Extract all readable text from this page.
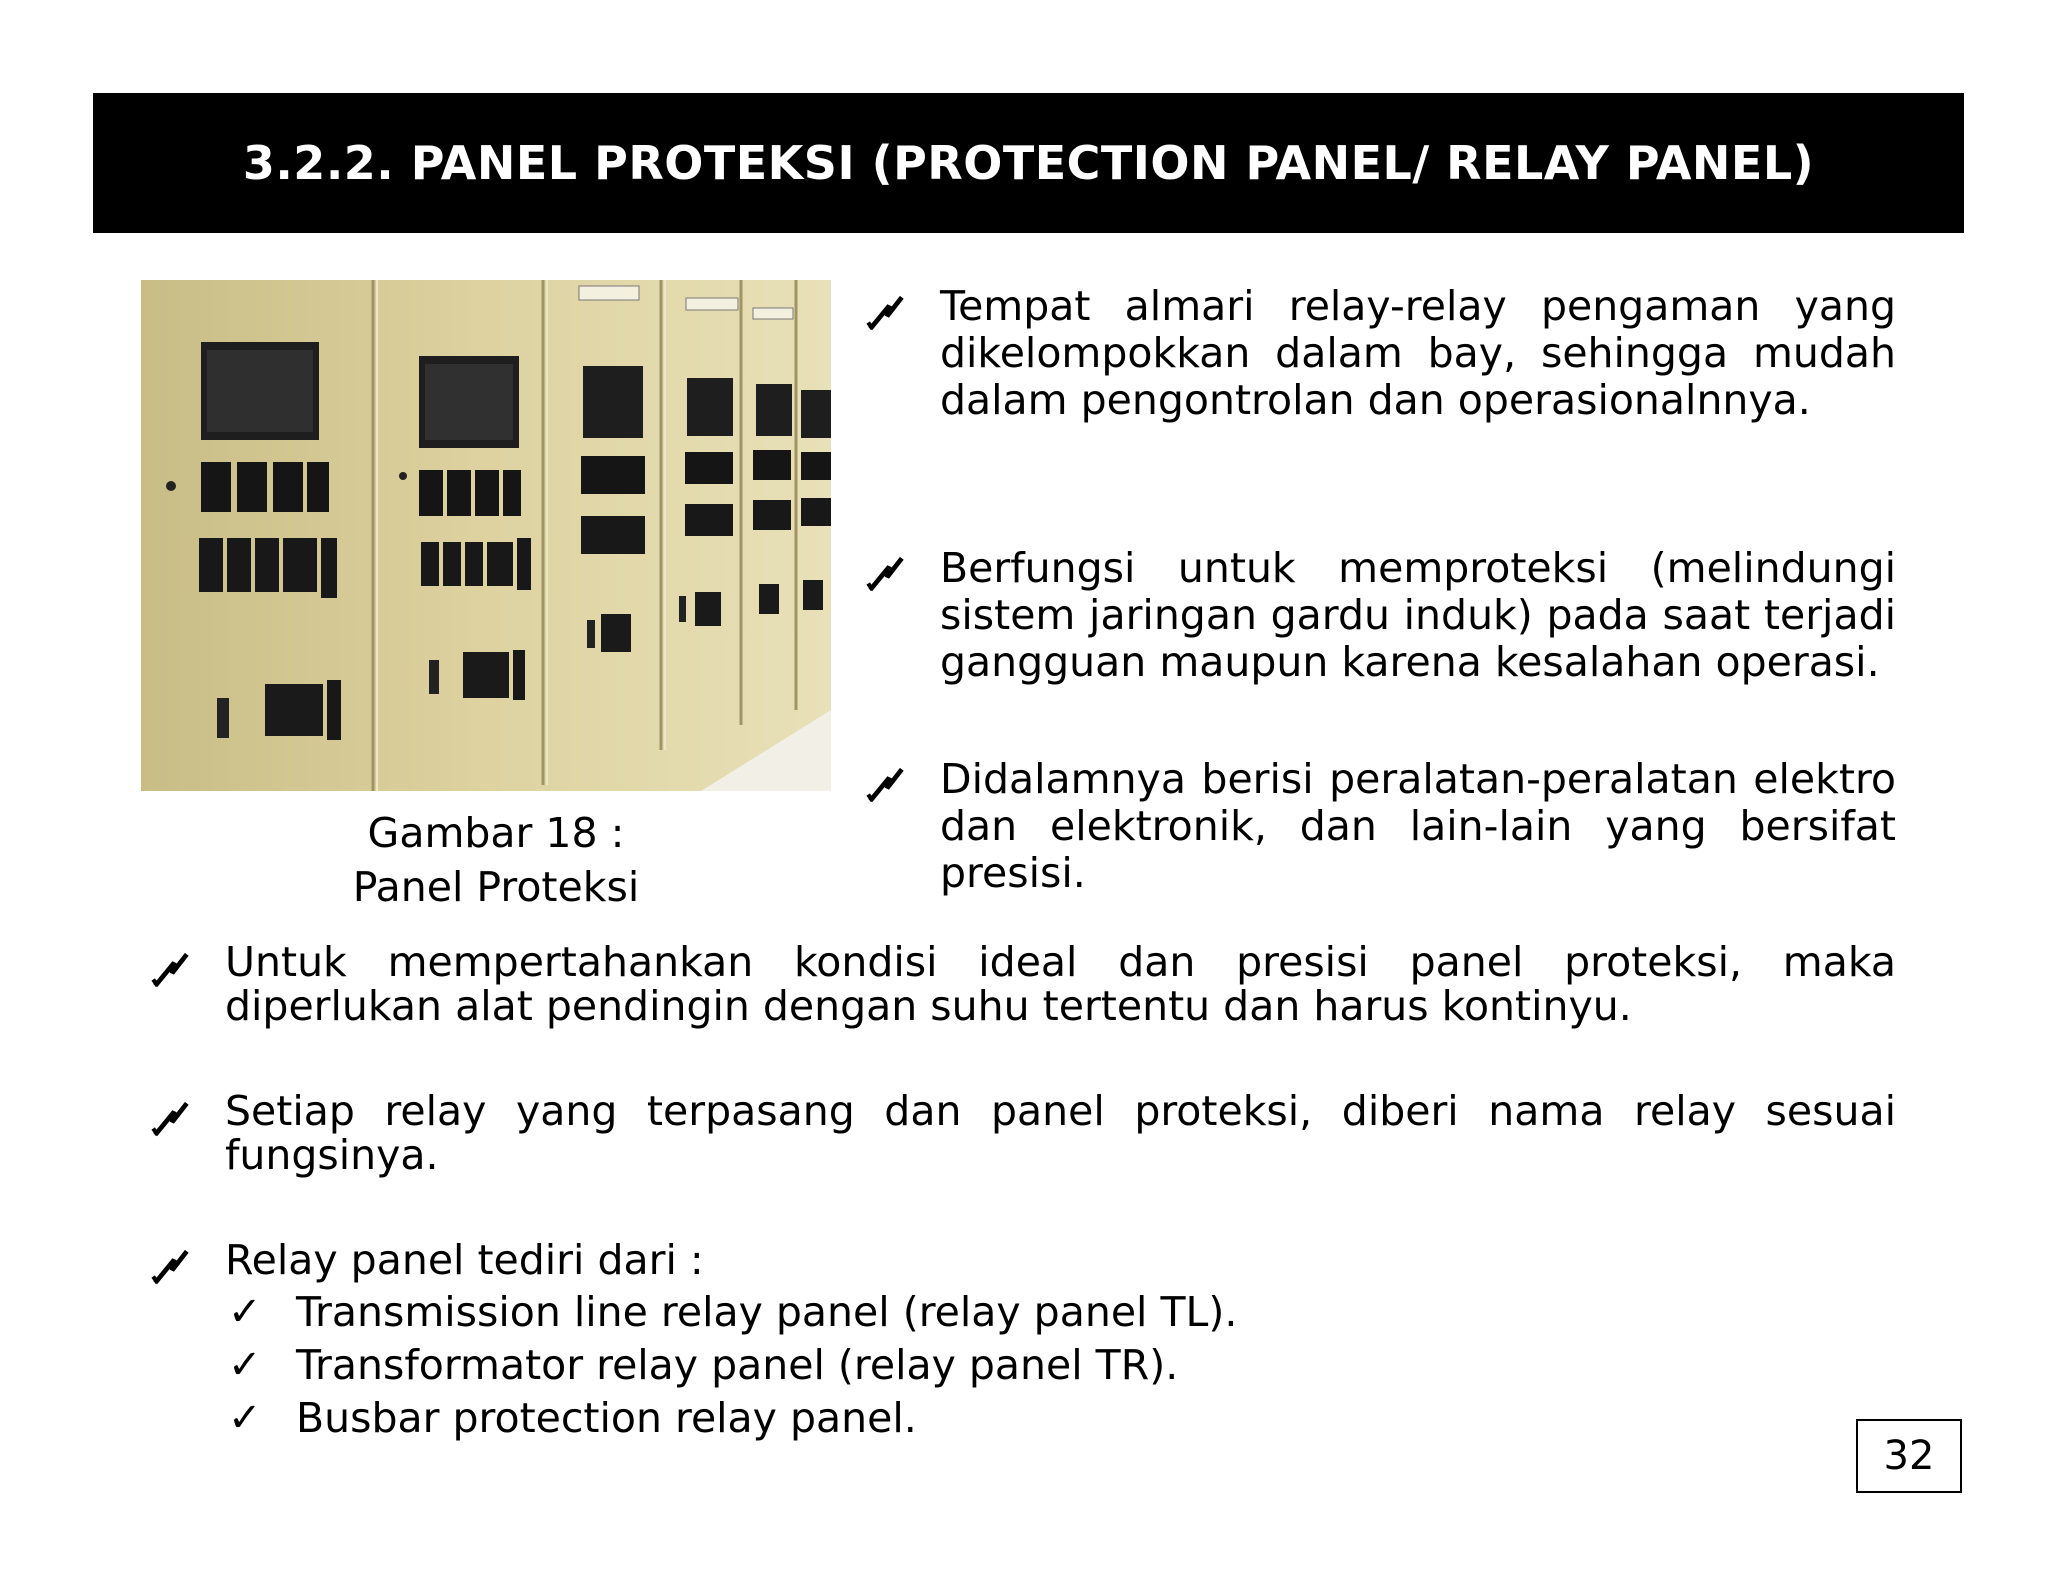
3.2.2. PANEL PROTEKSI (PROTECTION PANEL/ RELAY PANEL)
Gambar 18 :
Panel Proteksi
Tempat almari relay-relay pengaman yang dikelompokkan dalam bay, sehingga mudah dalam pengontrolan dan operasionalnnya.
Berfungsi untuk memproteksi (melindungi sistem jaringan gardu induk) pada saat terjadi gangguan maupun karena kesalahan operasi.
Didalamnya berisi peralatan-peralatan elektro dan elektronik, dan lain-lain yang bersifat presisi.
Untuk mempertahankan kondisi ideal dan presisi panel proteksi, maka diperlukan alat pendingin dengan suhu tertentu dan harus kontinyu.
Setiap relay yang terpasang dan panel proteksi, diberi nama relay sesuai fungsinya.
Relay panel tediri dari :
✓ Transmission line relay panel (relay panel TL).
✓ Transformator relay panel (relay panel TR).
✓ Busbar protection relay panel.
32
